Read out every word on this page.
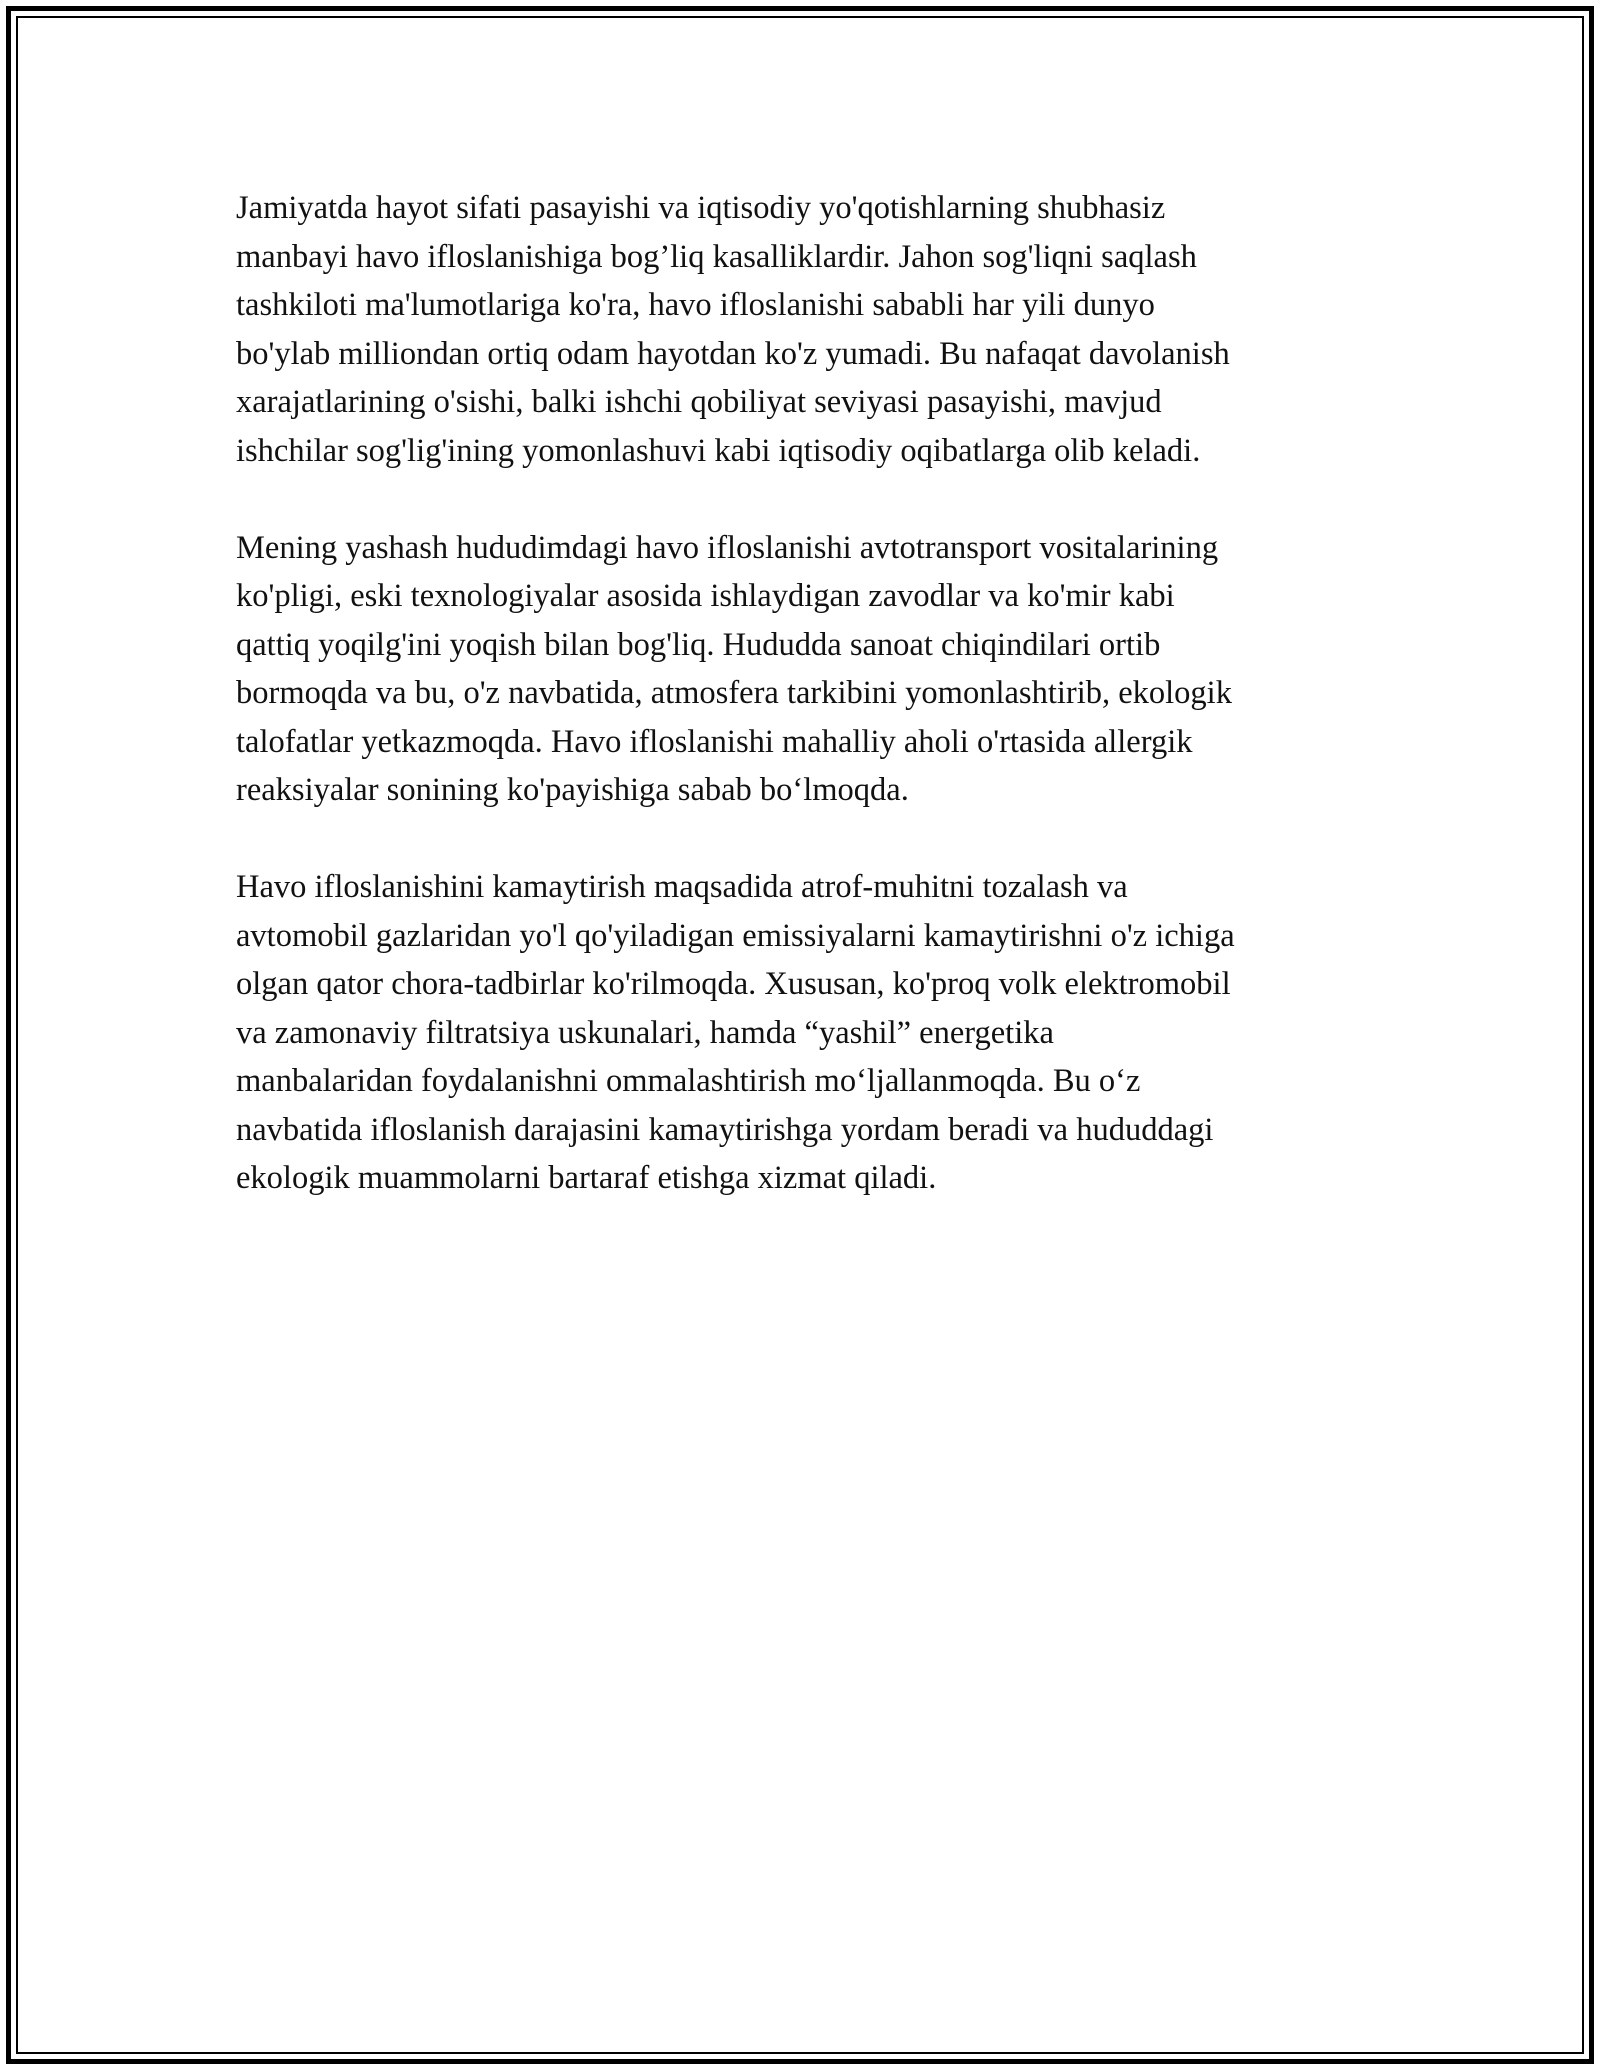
Jamiyatda hayot sifati pasayishi va iqtisodiy yo'qotishlarning shubhasiz
manbayi havo ifloslanishiga bog’liq kasalliklardir. Jahon sog'liqni saqlash
tashkiloti ma'lumotlariga ko'ra, havo ifloslanishi sababli har yili dunyo
bo'ylab milliondan ortiq odam hayotdan ko'z yumadi. Bu nafaqat davolanish
xarajatlarining o'sishi, balki ishchi qobiliyat seviyasi pasayishi, mavjud
ishchilar sog'lig'ining yomonlashuvi kabi iqtisodiy oqibatlarga olib keladi.

Mening yashash hududimdagi havo ifloslanishi avtotransport vositalarining
ko'pligi, eski texnologiyalar asosida ishlaydigan zavodlar va ko'mir kabi
qattiq yoqilg'ini yoqish bilan bog'liq. Hududda sanoat chiqindilari ortib
bormoqda va bu, o'z navbatida, atmosfera tarkibini yomonlashtirib, ekologik
talofatlar yetkazmoqda. Havo ifloslanishi mahalliy aholi o'rtasida allergik
reaksiyalar sonining ko'payishiga sabab bo‘lmoqda.

Havo ifloslanishini kamaytirish maqsadida atrof-muhitni tozalash va
avtomobil gazlaridan yo'l qo'yiladigan emissiyalarni kamaytirishni o'z ichiga
olgan qator chora-tadbirlar ko'rilmoqda. Xususan, ko'proq volk elektromobil
va zamonaviy filtratsiya uskunalari, hamda “yashil” energetika
manbalaridan foydalanishni ommalashtirish mo‘ljallanmoqda. Bu o‘z
navbatida ifloslanish darajasini kamaytirishga yordam beradi va hududdagi
ekologik muammolarni bartaraf etishga xizmat qiladi.
